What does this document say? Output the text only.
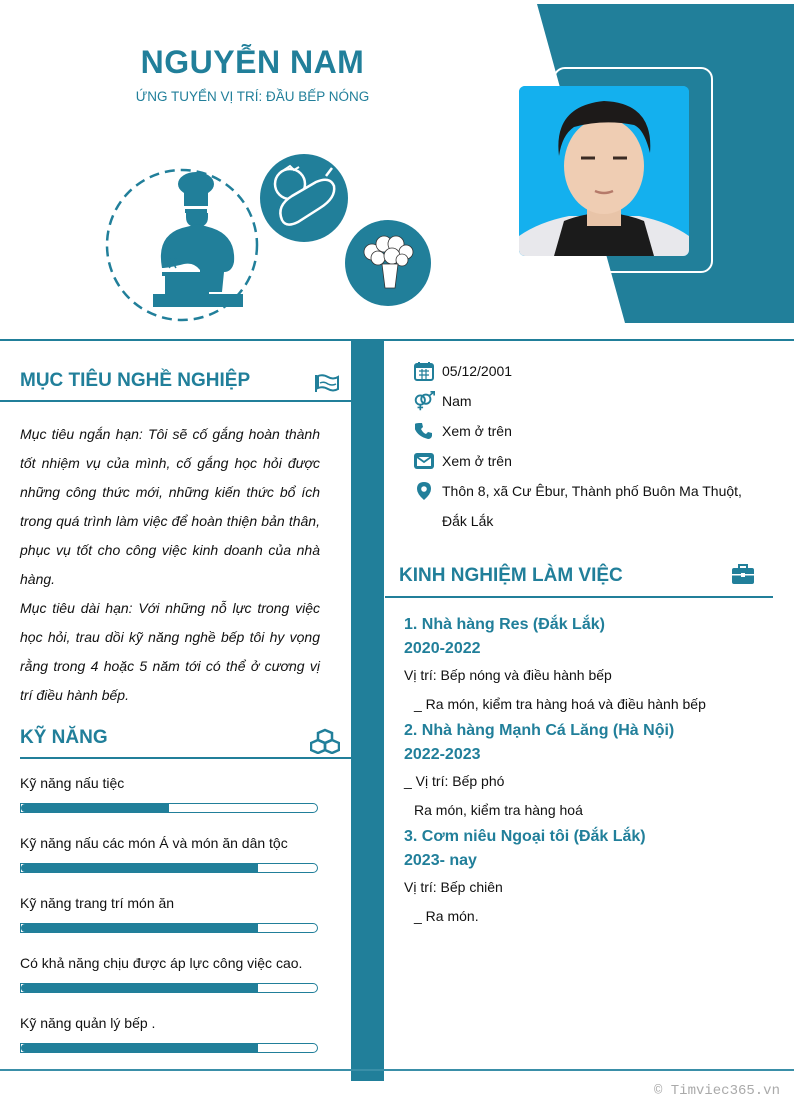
NGUYỄN NAM
ỨNG TUYỂN VỊ TRÍ: ĐẦU BẾP NÓNG
MỤC TIÊU NGHỀ NGHIỆP

Mục tiêu ngắn hạn: Tôi sẽ cố gắng hoàn thành tốt nhiệm vụ của mình, cố gắng học hỏi được những công thức mới, những kiến thức bổ ích trong quá trình làm việc để hoàn thiện bản thân, phục vụ tốt cho công việc kinh doanh của nhà hàng.

Mục tiêu dài hạn: Với những nỗ lực trong việc học hỏi, trau dồi kỹ năng nghề bếp tôi hy vọng rằng trong 4 hoặc 5 năm tới có thể ở cương vị trí điều hành bếp.

KỸ NĂNG
Kỹ năng nấu tiệc
Kỹ năng nấu các món Á và món ăn dân tộc
Kỹ năng trang trí món ăn
Có khả năng chịu được áp lực công việc cao.
Kỹ năng quản lý bếp .
05/12/2001
Nam
Xem ở trên
Xem ở trên
Thôn 8, xã Cư Êbur, Thành phố Buôn Ma Thuột, Đắk Lắk
KINH NGHIỆM LÀM VIỆC
1. Nhà hàng Res (Đắk Lắk)
2020-2022
Vị trí: Bếp nóng và điều hành bếp
_ Ra món, kiểm tra hàng hoá và điều hành bếp
2. Nhà hàng Mạnh Cá Lăng (Hà Nội)
2022-2023
_ Vị trí: Bếp phó
Ra món, kiểm tra hàng hoá
3. Cơm niêu Ngoại tôi (Đắk Lắk)
2023- nay
Vị trí: Bếp chiên
_ Ra món.
© Timviec365.vn
